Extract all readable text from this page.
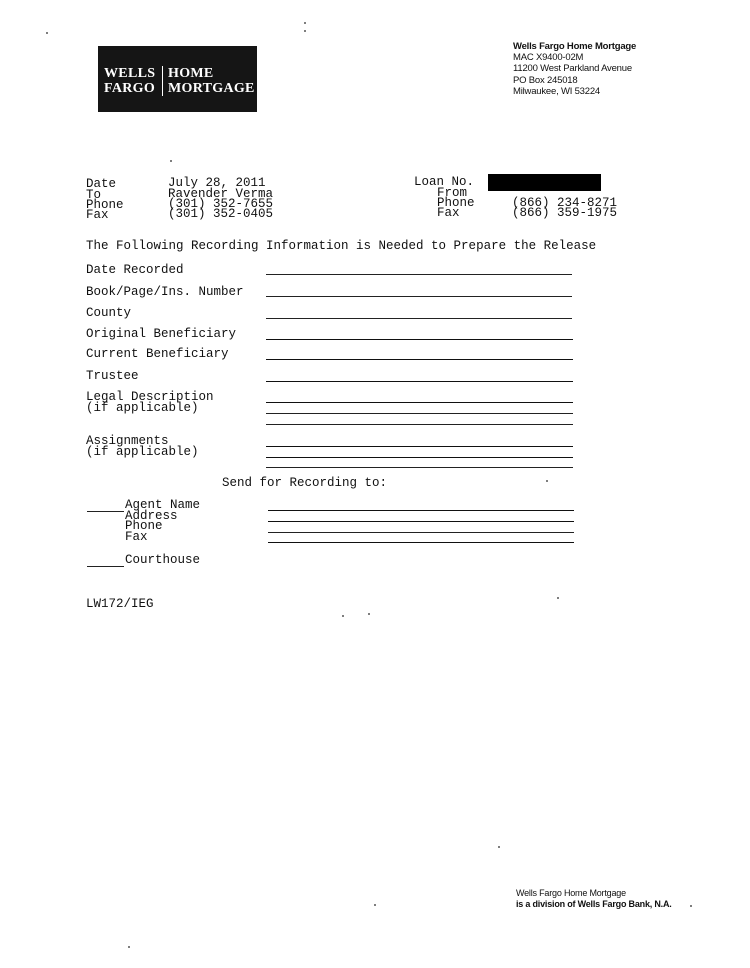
WELLS
FARGO
HOME
MORTGAGE
Wells Fargo Home Mortgage
MAC X9400-02M
11200 West Parkland Avenue
PO Box 245018
Milwaukee, WI 53224
Date	July 28, 2011
To	Ravender Verma
Phone	(301) 352-7655
Fax	(301) 352-0405
Loan No.
From
Phone	(866) 234-8271
Fax	(866) 359-1975
The Following Recording Information is Needed to Prepare the Release
Date Recorded
Book/Page/Ins. Number
County
Original Beneficiary
Current Beneficiary
Trustee
Legal Description
(if applicable)
Assignments
(if applicable)
Send for Recording to:
Agent Name
Address
Phone
Fax
Courthouse
LW172/IEG
Wells Fargo Home Mortgage
is a division of Wells Fargo Bank, N.A.
